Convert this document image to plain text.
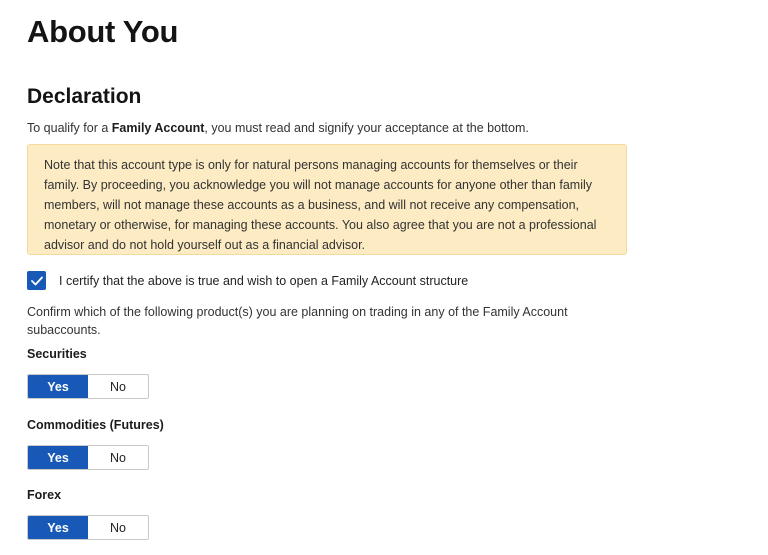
About You
Declaration
To qualify for a Family Account, you must read and signify your acceptance at the bottom.
Note that this account type is only for natural persons managing accounts for themselves or their family. By proceeding, you acknowledge you will not manage accounts for anyone other than family members, will not manage these accounts as a business, and will not receive any compensation, monetary or otherwise, for managing these accounts. You also agree that you are not a professional advisor and do not hold yourself out as a financial advisor.
I certify that the above is true and wish to open a Family Account structure
Confirm which of the following product(s) you are planning on trading in any of the Family Account subaccounts.
Securities
Yes	No
Commodities (Futures)
Yes	No
Forex
Yes	No
